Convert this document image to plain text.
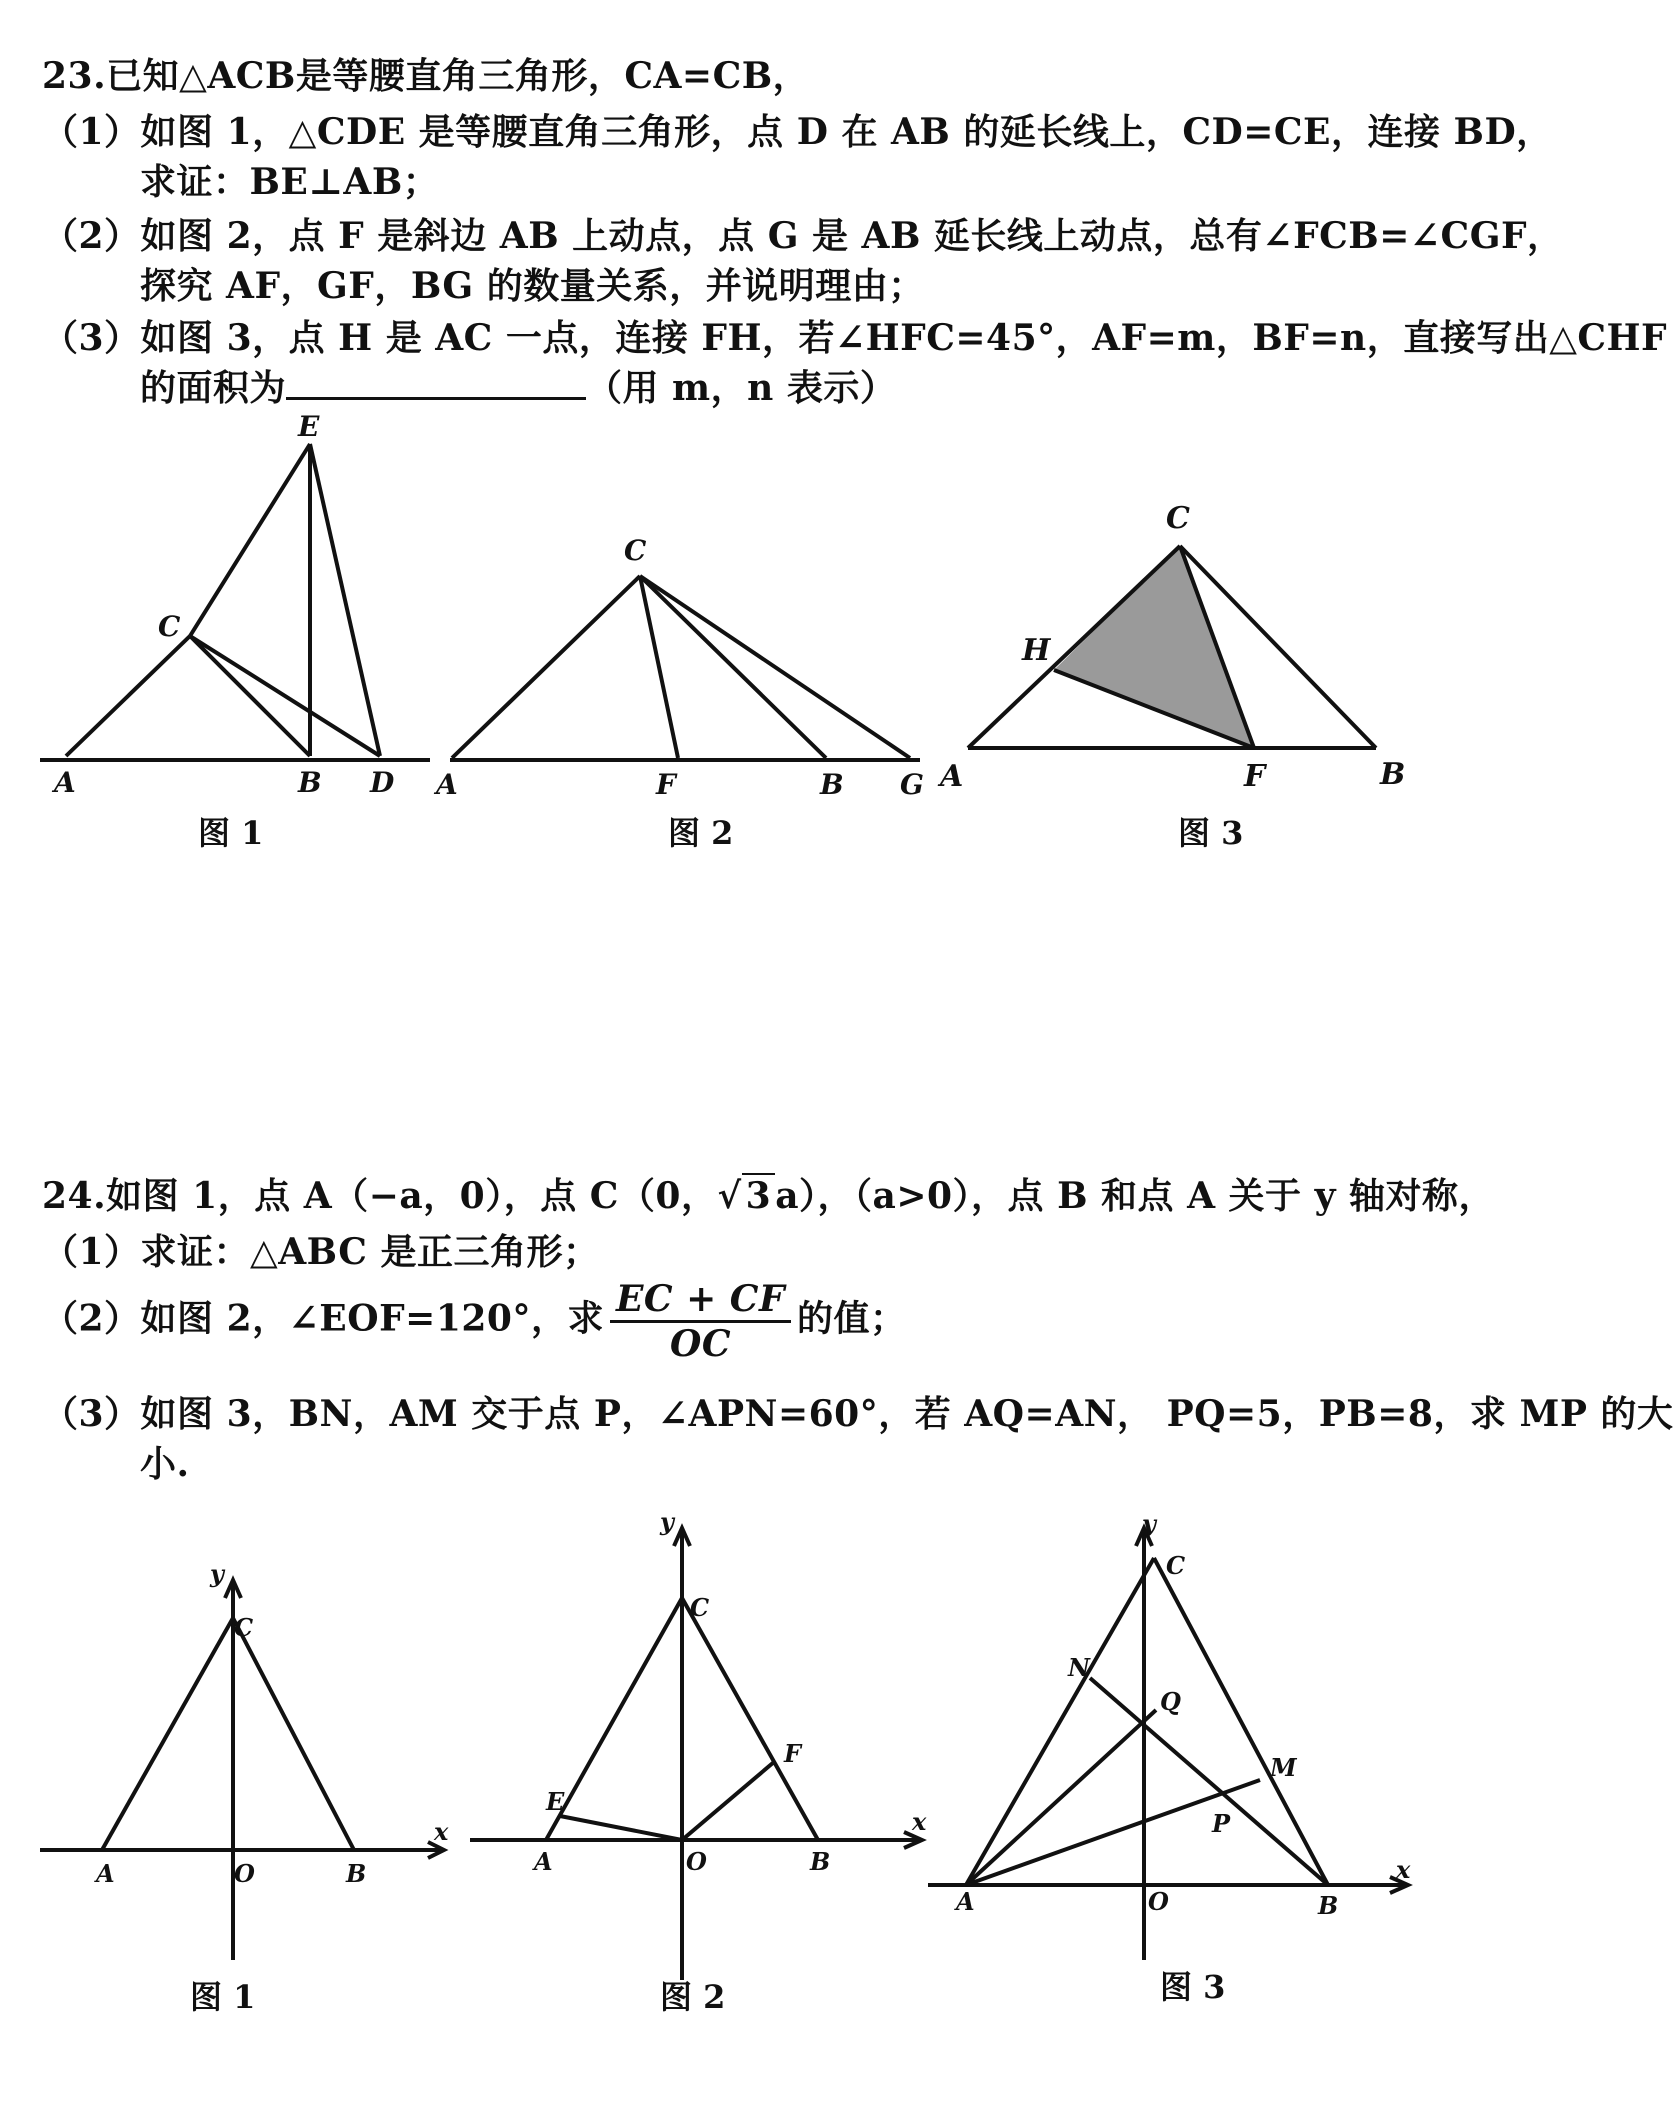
23.已知△ACB是等腰直角三角形，CA=CB，
（1）如图 1，△CDE 是等腰直角三角形，点 D 在 AB 的延长线上，CD=CE，连接 BD，
求证：BE⊥AB；
（2）如图 2，点 F 是斜边 AB 上动点，点 G 是 AB 延长线上动点，总有∠FCB=∠CGF，
探究 AF，GF，BG 的数量关系，并说明理由；
（3）如图 3，点 H 是 AC 一点，连接 FH，若∠HFC=45°，AF=m，BF=n，直接写出△CHF
的面积为	（用 m，n 表示）
E
C
A	B D
图 1
C
A	F	B G
图 2
C
H
A	F	B
图 3
24.如图 1，点 A（−a，0），点 C（0，√ 3 a），（a>0），点 B 和点 A 关于 y 轴对称，
（1）求证：△ABC 是正三角形；
（2）如图 2，∠EOF=120°，求 $\frac{EC + CF}{OC}$ 的值；
（3）如图 3，BN，AM 交于点 P，∠APN=60°，若 AQ=AN， PQ=5，PB=8，求 MP 的大
小.
y
x
C
A	O	B
图 1
y
x
C
E
F
A	O	B
图 2
y
x
C
N
Q
M
P
A	O	B
图 3
